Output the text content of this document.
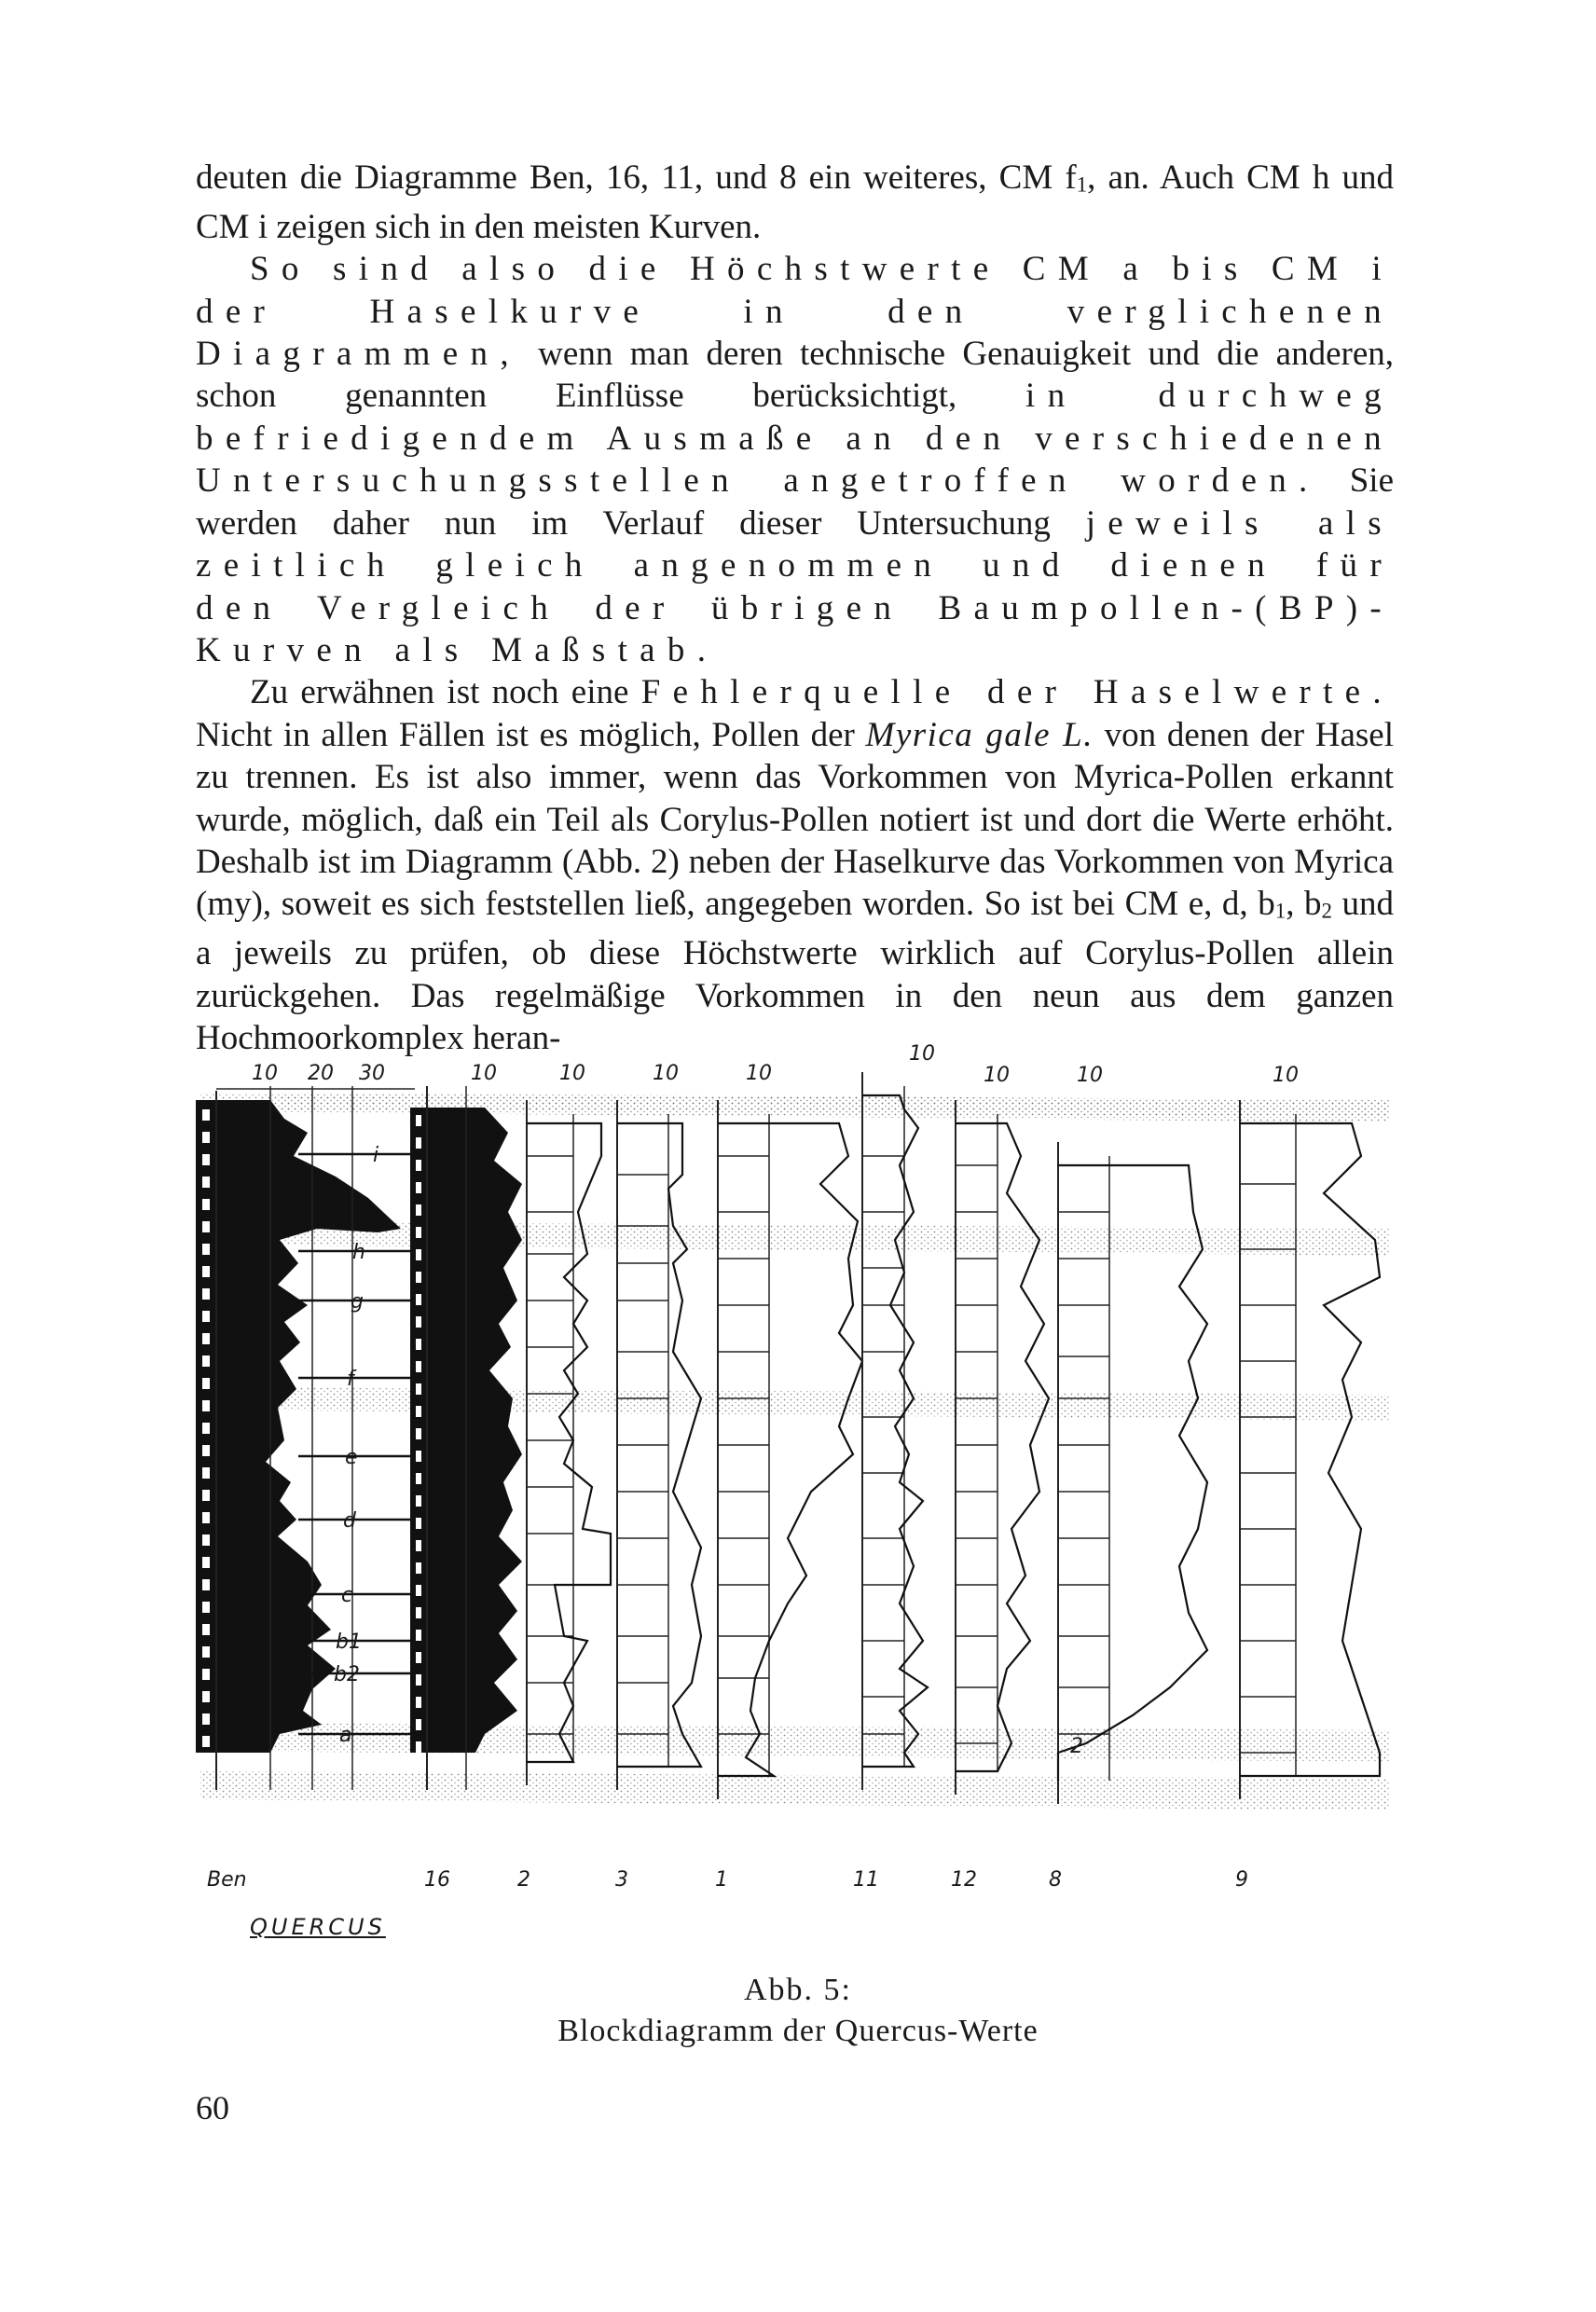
deuten die Diagramme Ben, 16, 11, und 8 ein weiteres, CM f1, an. Auch CM h und CM i zeigen sich in den meisten Kurven.

So sind also die Höchstwerte CM a bis CM i der Haselkurve in den verglichenen Diagrammen, wenn man deren technische Genauigkeit und die anderen, schon genannten Einflüsse berücksichtigt, in durchweg befriedigendem Ausmaße an den verschiedenen Untersuchungsstellen angetroffen worden. Sie werden daher nun im Verlauf dieser Untersuchung jeweils als zeitlich gleich angenommen und dienen für den Vergleich der übrigen Baumpollen-(BP)-Kurven als Maßstab.

Zu erwähnen ist noch eine Fehlerquelle der Haselwerte. Nicht in allen Fällen ist es möglich, Pollen der Myrica gale L. von denen der Hasel zu trennen. Es ist also immer, wenn das Vorkommen von Myrica-Pollen erkannt wurde, möglich, daß ein Teil als Corylus-Pollen notiert ist und dort die Werte erhöht. Deshalb ist im Diagramm (Abb. 2) neben der Haselkurve das Vorkommen von Myrica (my), soweit es sich feststellen ließ, angegeben worden. So ist bei CM e, d, b1, b2 und a jeweils zu prüfen, ob diese Höchstwerte wirklich auf Corylus-Pollen allein zurückgehen. Das regelmäßige Vorkommen in den neun aus dem ganzen Hochmoorkomplex heran-

10 20 30	10	10	10	10
10
10	10	10
i
h
g
f
e
d
c
b1
b2
a	2
Ben	16	2	3	1	11	12	8	9
QUERCUS
Abb. 5:
Blockdiagramm der Quercus-Werte
60
